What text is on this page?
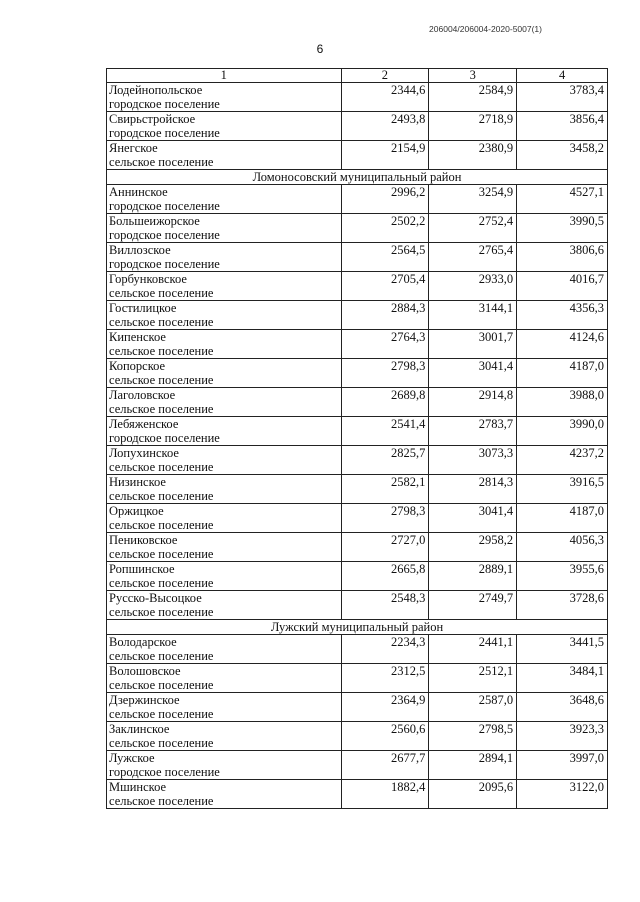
206004/206004-2020-5007(1)
6
1	2	3	4

Лодейнопольское
городское поселение	2344,6	2584,9	3783,4

Свирьстройское
городское поселение	2493,8	2718,9	3856,4

Янегское
сельское поселение	2154,9	2380,9	3458,2
Ломоносовский муниципальный район			

Аннинское
городское поселение	2996,2	3254,9	4527,1

Большеижорское
городское поселение	2502,2	2752,4	3990,5

Виллозское
городское поселение	2564,5	2765,4	3806,6

Горбунковское
сельское поселение	2705,4	2933,0	4016,7

Гостилицкое
сельское поселение	2884,3	3144,1	4356,3

Кипенское
сельское поселение	2764,3	3001,7	4124,6

Копорское
сельское поселение	2798,3	3041,4	4187,0

Лаголовское
сельское поселение	2689,8	2914,8	3988,0

Лебяженское
городское поселение	2541,4	2783,7	3990,0

Лопухинское
сельское поселение	2825,7	3073,3	4237,2

Низинское
сельское поселение	2582,1	2814,3	3916,5

Оржицкое
сельское поселение	2798,3	3041,4	4187,0

Пениковское
сельское поселение	2727,0	2958,2	4056,3

Ропшинское
сельское поселение	2665,8	2889,1	3955,6

Русско-Высоцкое
сельское поселение	2548,3	2749,7	3728,6
Лужский муниципальный район			

Володарское
сельское поселение	2234,3	2441,1	3441,5

Волошовское
сельское поселение	2312,5	2512,1	3484,1

Дзержинское
сельское поселение	2364,9	2587,0	3648,6

Заклинское
сельское поселение	2560,6	2798,5	3923,3

Лужское
городское поселение	2677,7	2894,1	3997,0

Мшинское
сельское поселение	1882,4	2095,6	3122,0
